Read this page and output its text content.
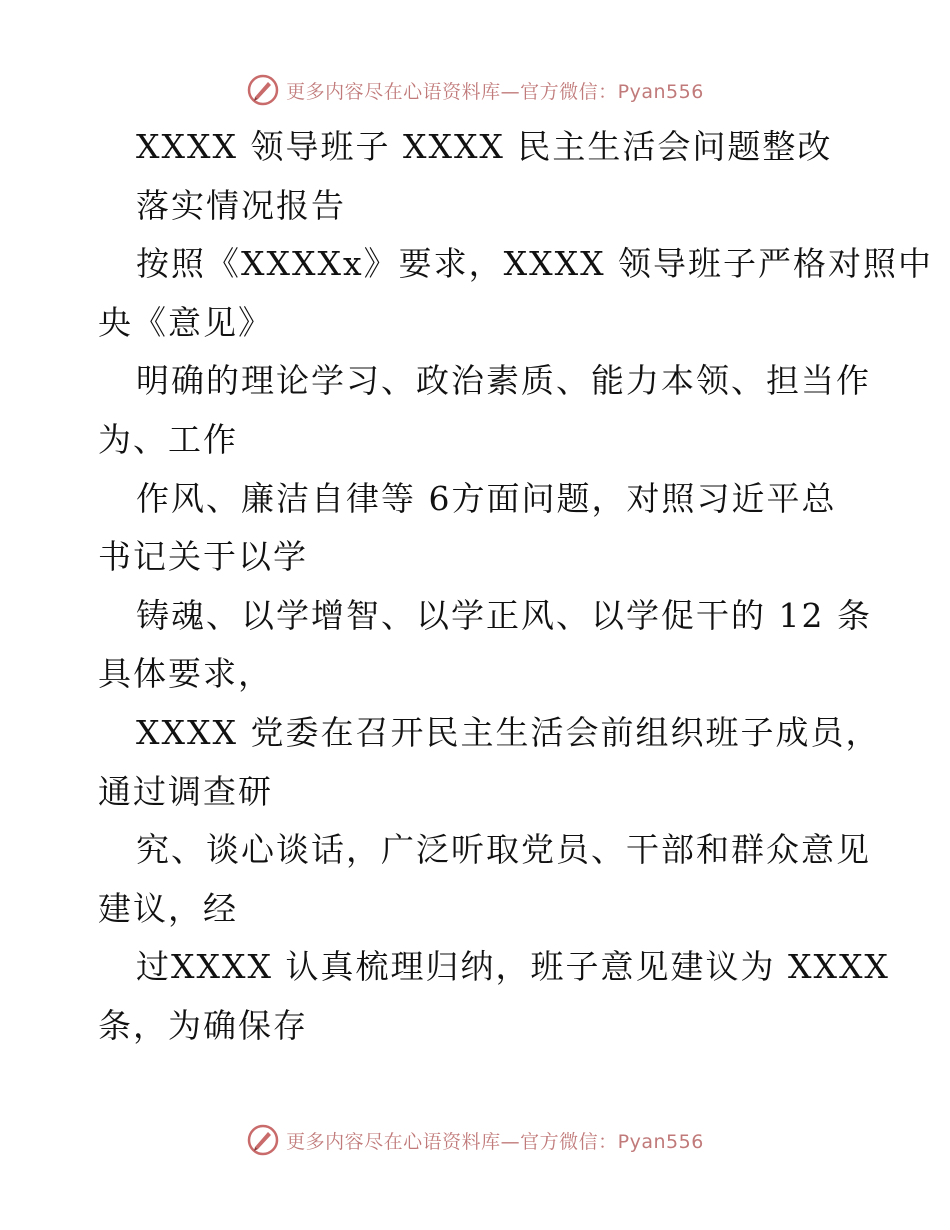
更多内容尽在心语资料库—官方微信：Pyan556
XXXX 领导班子 XXXX 民主生活会问题整改
落实情况报告
按照《XXXXx》要求，XXXX 领导班子严格对照中
央《意见》
明确的理论学习、政治素质、能力本领、担当作
为、工作
作风、廉洁自律等 6方面问题，对照习近平总
书记关于以学
铸魂、以学增智、以学正风、以学促干的 12 条
具体要求，
XXXX 党委在召开民主生活会前组织班子成员，
通过调查研
究、谈心谈话，广泛听取党员、干部和群众意见
建议，经
过XXXX 认真梳理归纳，班子意见建议为 XXXX
条，为确保存
更多内容尽在心语资料库—官方微信：Pyan556
